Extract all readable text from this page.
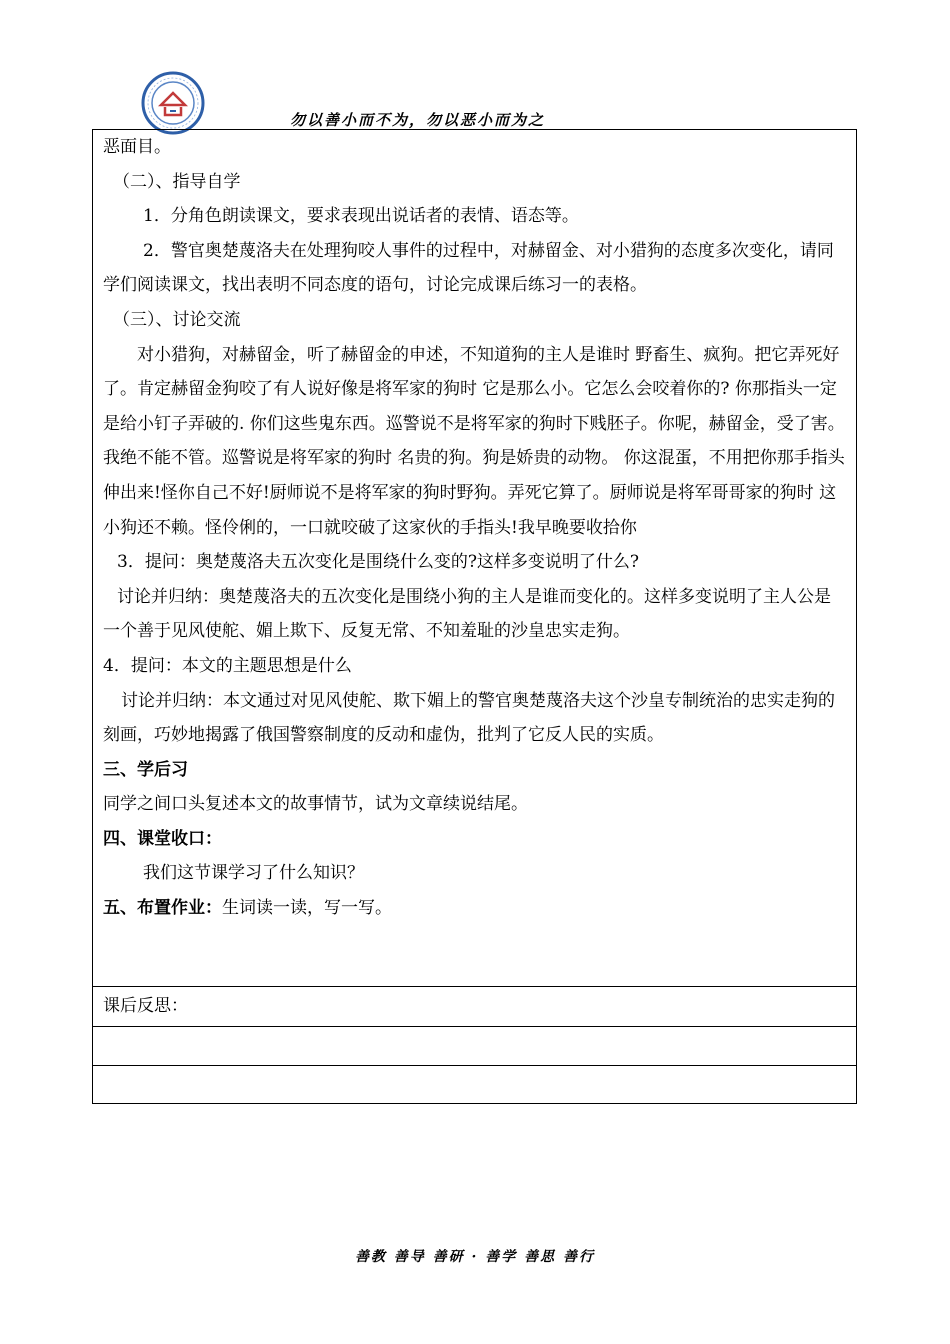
勿以善小而不为，勿以恶小而为之

恶面目。

（二）、指导自学

1．分角色朗读课文，要求表现出说话者的表情、语态等。

2．警官奥楚蔑洛夫在处理狗咬人事件的过程中，对赫留金、对小猎狗的态度多次变化，请同学们阅读课文，找出表明不同态度的语句，讨论完成课后练习一的表格。

（三）、讨论交流

对小猎狗，对赫留金，听了赫留金的申述，不知道狗的主人是谁时 野畜生、疯狗。把它弄死好了。肯定赫留金狗咬了有人说好像是将军家的狗时 它是那么小。它怎么会咬着你的? 你那指头一定是给小钉子弄破的. 你们这些鬼东西。巡警说不是将军家的狗时下贱胚子。你呢，赫留金，受了害。我绝不能不管。巡警说是将军家的狗时 名贵的狗。狗是娇贵的动物。 你这混蛋，不用把你那手指头伸出来!怪你自己不好!厨师说不是将军家的狗时野狗。弄死它算了。厨师说是将军哥哥家的狗时 这小狗还不赖。怪伶俐的，一口就咬破了这家伙的手指头!我早晚要收拾你

3．提问：奥楚蔑洛夫五次变化是围绕什么变的?这样多变说明了什么?

讨论并归纳：奥楚蔑洛夫的五次变化是围绕小狗的主人是谁而变化的。这样多变说明了主人公是一个善于见风使舵、媚上欺下、反复无常、不知羞耻的沙皇忠实走狗。

4．提问：本文的主题思想是什么

讨论并归纳：本文通过对见风使舵、欺下媚上的警官奥楚蔑洛夫这个沙皇专制统治的忠实走狗的刻画，巧妙地揭露了俄国警察制度的反动和虚伪，批判了它反人民的实质。

三、学后习

同学之间口头复述本文的故事情节，试为文章续说结尾。

四、课堂收口：

我们这节课学习了什么知识？

五、布置作业：生词读一读，写一写。

课后反思：
善教 善导 善研 · 善学 善思 善行
